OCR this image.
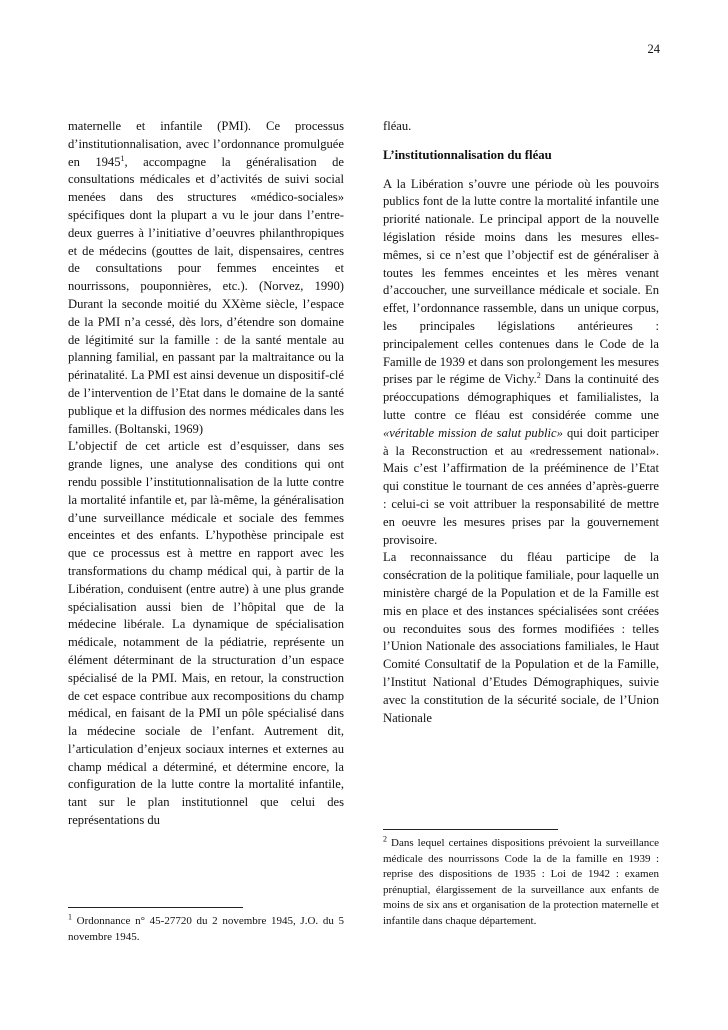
24

maternelle et infantile (PMI). Ce processus d’institutionnalisation, avec l’ordonnance promulguée en 1945$^1$, accompagne la généralisation de consultations médicales et d’activités de suivi social menées dans des structures «médico-sociales» spécifiques dont la plupart a vu le jour dans l’entre-deux guerres à l’initiative d’oeuvres philanthropiques et de médecins (gouttes de lait, dispensaires, centres de consultations pour femmes enceintes et nourrissons, pouponnières, etc.). (Norvez, 1990) Durant la seconde moitié du XXème siècle, l’espace de la PMI n’a cessé, dès lors, d’étendre son domaine de légitimité sur la famille : de la santé mentale au planning familial, en passant par la maltraitance ou la périnatalité. La PMI est ainsi devenue un dispositif-clé de l’intervention de l’Etat dans le domaine de la santé publique et la diffusion des normes médicales dans les familles. (Boltanski, 1969)

L’objectif de cet article est d’esquisser, dans ses grande lignes, une analyse des conditions qui ont rendu possible l’institutionnalisation de la lutte contre la mortalité infantile et, par là-même, la généralisation d’une surveillance médicale et sociale des femmes enceintes et des enfants. L’hypothèse principale est que ce processus est à mettre en rapport avec les transformations du champ médical qui, à partir de la Libération, conduisent (entre autre) à une plus grande spécialisation aussi bien de l’hôpital que de la médecine libérale. La dynamique de spécialisation médicale, notamment de la pédiatrie, représente un élément déterminant de la structuration d’un espace spécialisé de la PMI. Mais, en retour, la construction de cet espace contribue aux recompositions du champ médical, en faisant de la PMI un pôle spécialisé dans la médecine sociale de l’enfant. Autrement dit, l’articulation d’enjeux sociaux internes et externes au champ médical a déterminé, et détermine encore, la configuration de la lutte contre la mortalité infantile, tant sur le plan institutionnel que celui des représentations du

fléau.

L’institutionnalisation du fléau

A la Libération s’ouvre une période où les pouvoirs publics font de la lutte contre la mortalité infantile une priorité nationale. Le principal apport de la nouvelle législation réside moins dans les mesures elles-mêmes, si ce n’est que l’objectif est de généraliser à toutes les femmes enceintes et les mères venant d’accoucher, une surveillance médicale et sociale. En effet, l’ordonnance rassemble, dans un unique corpus, les principales législations antérieures : principalement celles contenues dans le Code de la Famille de 1939 et dans son prolongement les mesures prises par le régime de Vichy.$^2$ Dans la continuité des préoccupations démographiques et familialistes, la lutte contre ce fléau est considérée comme une «véritable mission de salut public» qui doit participer à la Reconstruction et au «redressement national». Mais c’est l’affirmation de la prééminence de l’Etat qui constitue le tournant de ces années d’après-guerre : celui-ci se voit attribuer la responsabilité de mettre en oeuvre les mesures prises par la gouvernement provisoire.

La reconnaissance du fléau participe de la consécration de la politique familiale, pour laquelle un ministère chargé de la Population et de la Famille est mis en place et des instances spécialisées sont créées ou reconduites sous des formes modifiées : telles l’Union Nationale des associations familiales, le Haut Comité Consultatif de la Population et de la Famille, l’Institut National d’Etudes Démographiques, suivie avec la constitution de la sécurité sociale, de l’Union Nationale

$^1$ Ordonnance n° 45-27720 du 2 novembre 1945, J.O. du 5 novembre 1945.
$^2$ Dans lequel certaines dispositions prévoient la surveillance médicale des nourrissons Code la de la famille en 1939 : reprise des dispositions de 1935 : Loi de 1942 : examen prénuptial, élargissement de la surveillance aux enfants de moins de six ans et organisation de la protection maternelle et infantile dans chaque département.
